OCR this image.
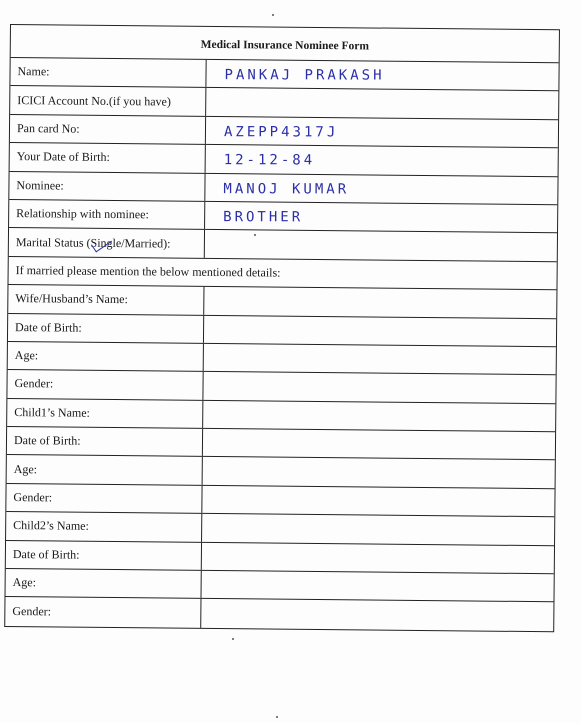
Medical Insurance Nominee Form
Name:	PANKAJ PRAKASH
ICICI Account No.(if you have)
Pan card No:	AZEPP4317J
Your Date of Birth:	12-12-84
Nominee:	MANOJ KUMAR
Relationship with nominee:	BROTHER
Marital Status (Single/Married):
If married please mention the below mentioned details:
Wife/Husband’s Name:
Date of Birth:
Age:
Gender:
Child1’s Name:
Date of Birth:
Age:
Gender:
Child2’s Name:
Date of Birth:
Age:
Gender:
